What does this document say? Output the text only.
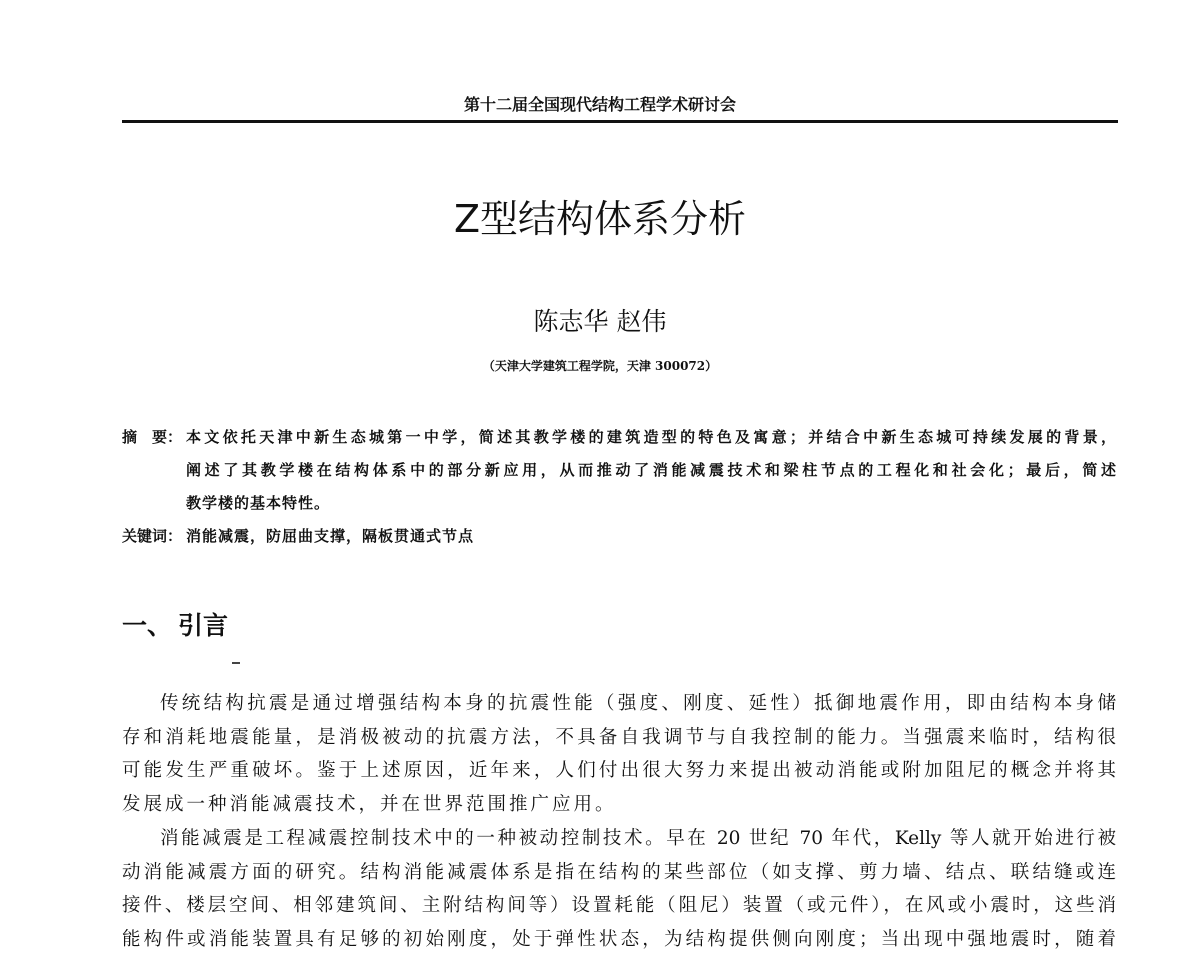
第十二届全国现代结构工程学术研讨会
Z型结构体系分析
陈志华 赵伟
（天津大学建筑工程学院，天津 300072）
摘　要： 本文依托天津中新生态城第一中学，简述其教学楼的建筑造型的特色及寓意；并结合中新生态城可持续发展的背景，
阐述了其教学楼在结构体系中的部分新应用，从而推动了消能减震技术和梁柱节点的工程化和社会化；最后，简述
教学楼的基本特性。
关键词： 消能减震，防屈曲支撑，隔板贯通式节点
一、 引言
传统结构抗震是通过增强结构本身的抗震性能（强度、刚度、延性）抵御地震作用，即由结构本身储
存和消耗地震能量，是消极被动的抗震方法，不具备自我调节与自我控制的能力。当强震来临时，结构很
可能发生严重破坏。鉴于上述原因，近年来，人们付出很大努力来提出被动消能或附加阻尼的概念并将其
发展成一种消能减震技术，并在世界范围推广应用。
消能减震是工程减震控制技术中的一种被动控制技术。早在 20 世纪 70 年代，Kelly 等人就开始进行被
动消能减震方面的研究。结构消能减震体系是指在结构的某些部位（如支撑、剪力墙、结点、联结缝或连
接件、楼层空间、相邻建筑间、主附结构间等）设置耗能（阻尼）装置（或元件），在风或小震时，这些消
能构件或消能装置具有足够的初始刚度，处于弹性状态，为结构提供侧向刚度；当出现中强地震时，随着
